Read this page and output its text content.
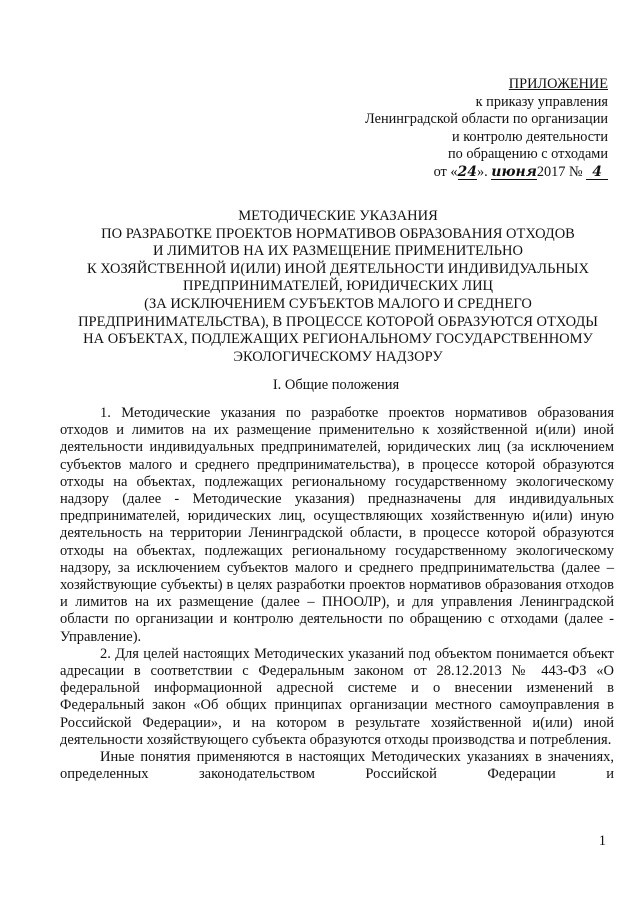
ПРИЛОЖЕНИЕ
к приказу управления
Ленинградской области по организации
и контролю деятельности
по обращению с отходами
от «24». июня2017 № 4
МЕТОДИЧЕСКИЕ УКАЗАНИЯ
ПО РАЗРАБОТКЕ ПРОЕКТОВ НОРМАТИВОВ ОБРАЗОВАНИЯ ОТХОДОВ
И ЛИМИТОВ НА ИХ РАЗМЕЩЕНИЕ ПРИМЕНИТЕЛЬНО
К ХОЗЯЙСТВЕННОЙ И(ИЛИ) ИНОЙ ДЕЯТЕЛЬНОСТИ ИНДИВИДУАЛЬНЫХ
ПРЕДПРИНИМАТЕЛЕЙ, ЮРИДИЧЕСКИХ ЛИЦ
(ЗА ИСКЛЮЧЕНИЕМ СУБЪЕКТОВ МАЛОГО И СРЕДНЕГО
ПРЕДПРИНИМАТЕЛЬСТВА), В ПРОЦЕССЕ КОТОРОЙ ОБРАЗУЮТСЯ ОТХОДЫ
НА ОБЪЕКТАХ, ПОДЛЕЖАЩИХ РЕГИОНАЛЬНОМУ ГОСУДАРСТВЕННОМУ
ЭКОЛОГИЧЕСКОМУ НАДЗОРУ
I. Общие положения

1. Методические указания по разработке проектов нормативов образования отходов и лимитов на их размещение применительно к хозяйственной и(или) иной деятельности индивидуальных предпринимателей, юридических лиц (за исключением субъектов малого и среднего предпринимательства), в процессе которой образуются отходы на объектах, подлежащих региональному государственному экологическому надзору (далее - Методические указания) предназначены для индивидуальных предпринимателей, юридических лиц, осуществляющих хозяйственную и(или) иную деятельность на территории Ленинградской области, в процессе которой образуются отходы на объектах, подлежащих региональному государственному экологическому надзору, за исключением субъектов малого и среднего предпринимательства (далее – хозяйствующие субъекты) в целях разработки проектов нормативов образования отходов и лимитов на их размещение (далее – ПНООЛР), и для управления Ленинградской области по организации и контролю деятельности по обращению с отходами (далее - Управление).

2. Для целей настоящих Методических указаний под объектом понимается объект адресации в соответствии с Федеральным законом от 28.12.2013 № 443-ФЗ «О федеральной информационной адресной системе и о внесении изменений в Федеральный закон «Об общих принципах организации местного самоуправления в Российской Федерации», и на котором в результате хозяйственной и(или) иной деятельности хозяйствующего субъекта образуются отходы производства и потребления.

Иные понятия применяются в настоящих Методических указаниях в значениях, определенных законодательством Российской Федерации и

1
